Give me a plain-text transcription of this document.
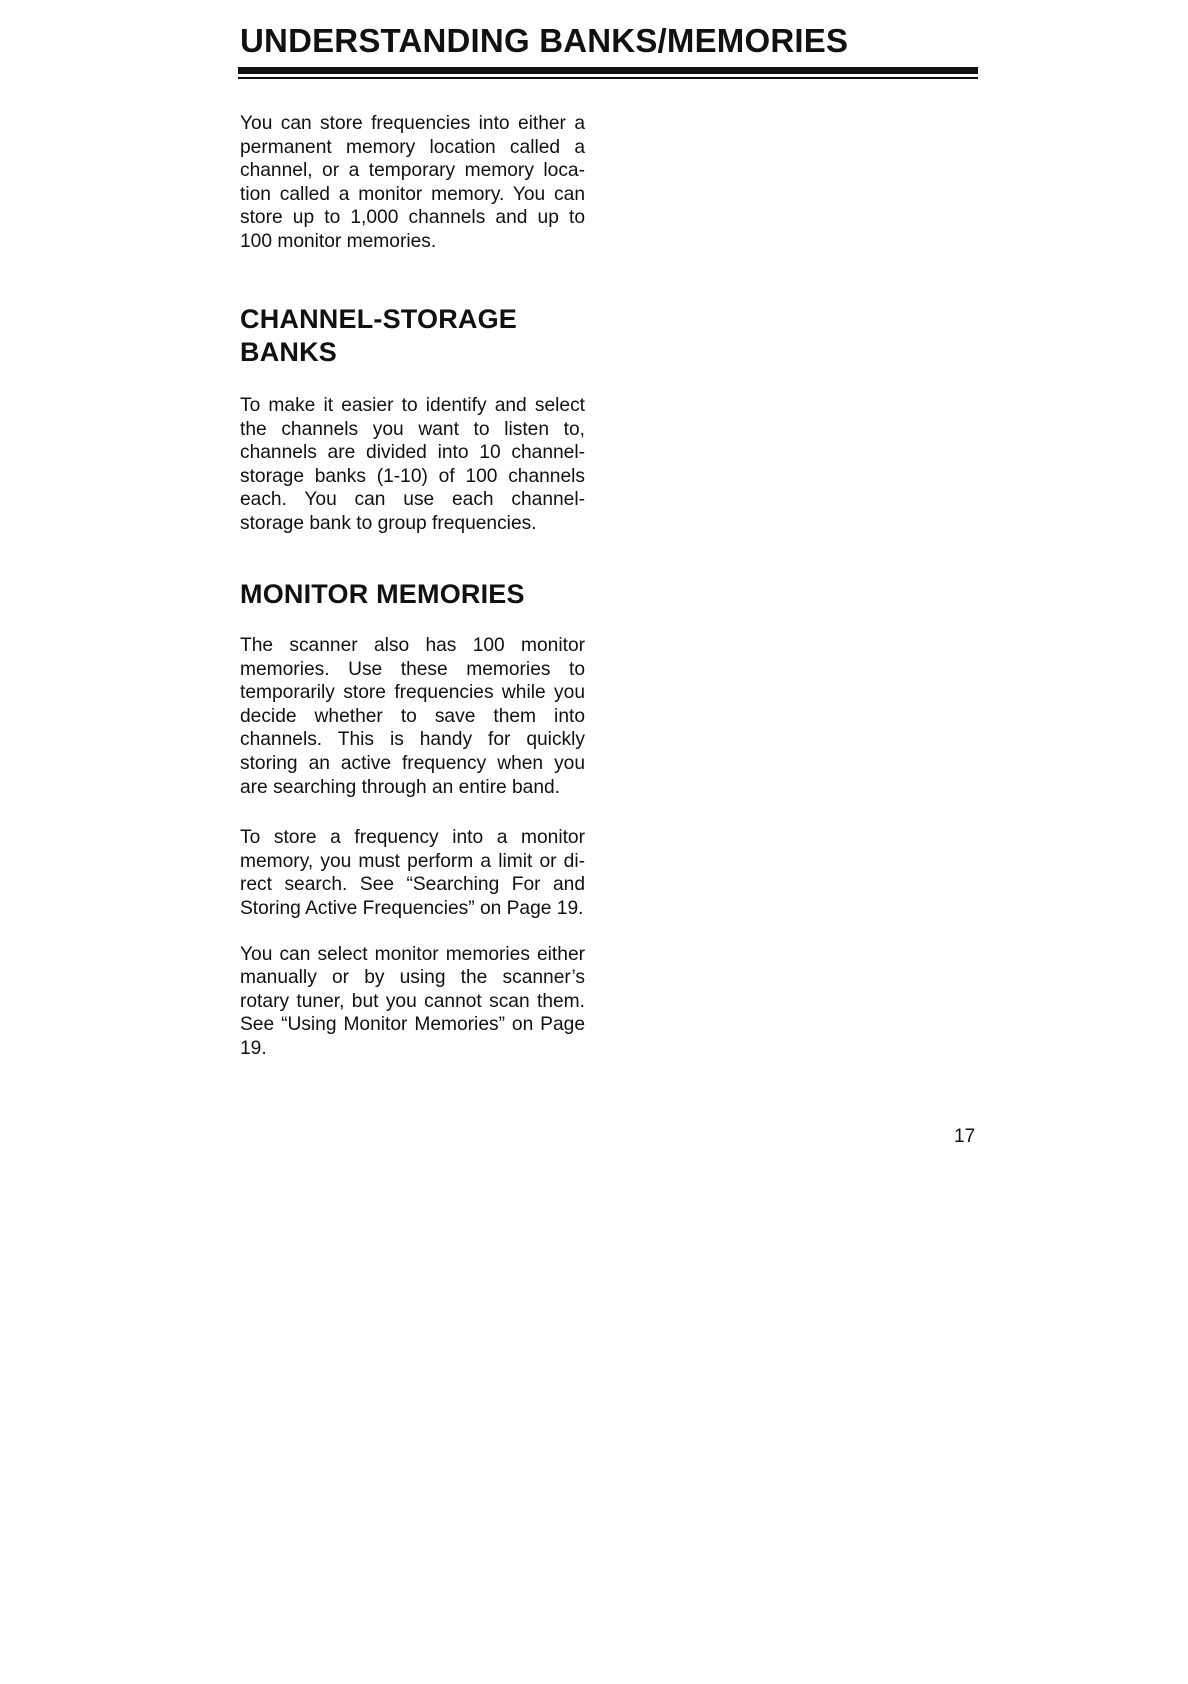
UNDERSTANDING BANKS/MEMORIES

You can store frequencies into either a permanent memory location called a channel, or a temporary memory location called a monitor memory. You can store up to 1,000 channels and up to 100 monitor memories.

CHANNEL-STORAGE
BANKS

To make it easier to identify and select the channels you want to listen to, channels are divided into 10 channel-storage banks (1-10) of 100 channels each. You can use each channel-storage bank to group frequencies.

MONITOR MEMORIES

The scanner also has 100 monitor memories. Use these memories to temporarily store frequencies while you decide whether to save them into channels. This is handy for quickly storing an active frequency when you are searching through an entire band.

To store a frequency into a monitor memory, you must perform a limit or direct search. See “Searching For and Storing Active Frequencies” on Page 19.

You can select monitor memories either manually or by using the scanner’s rotary tuner, but you cannot scan them. See “Using Monitor Memories” on Page 19.

17
